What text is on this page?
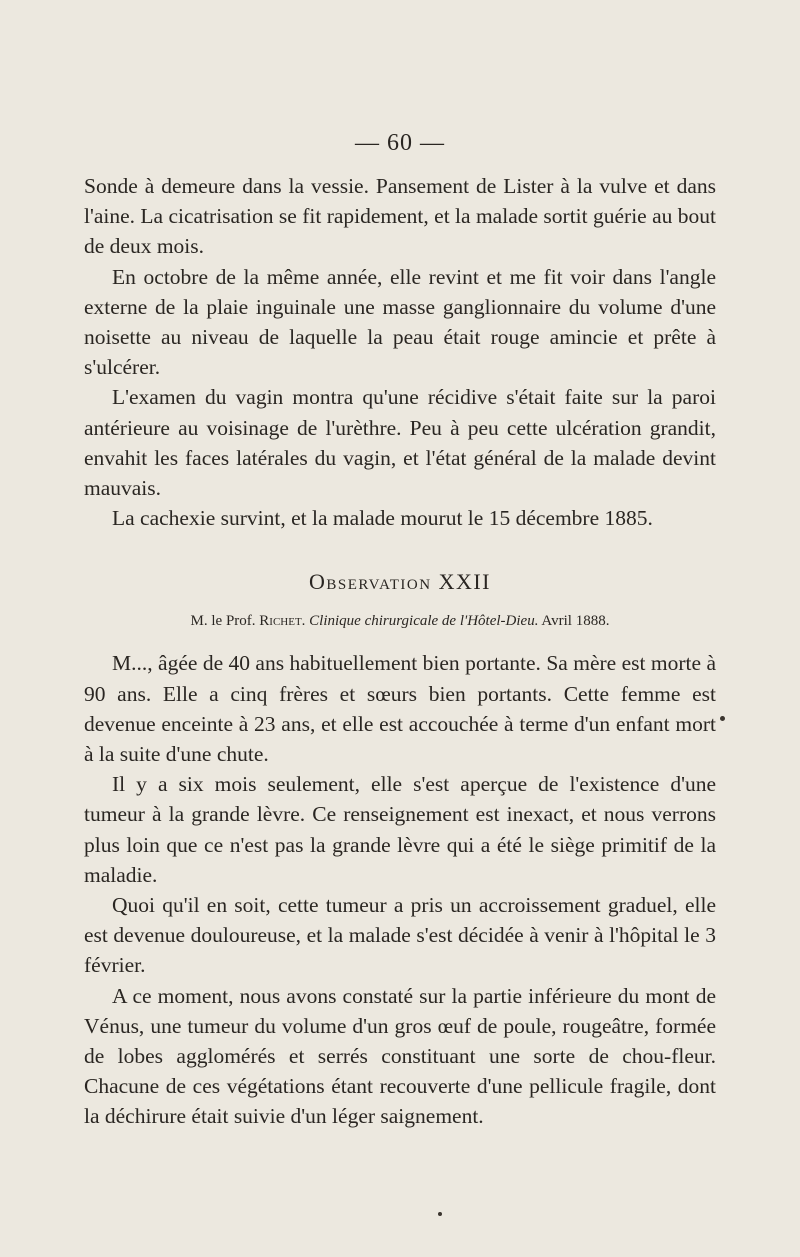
— 60 —

Sonde à demeure dans la vessie. Pansement de Lister à la vulve et dans l'aine. La cicatrisation se fit rapidement, et la malade sortit guérie au bout de deux mois.

En octobre de la même année, elle revint et me fit voir dans l'angle externe de la plaie inguinale une masse ganglionnaire du volume d'une noisette au niveau de laquelle la peau était rouge amincie et prête à s'ulcérer.

L'examen du vagin montra qu'une récidive s'était faite sur la paroi antérieure au voisinage de l'urèthre. Peu à peu cette ulcération grandit, envahit les faces latérales du vagin, et l'état général de la malade devint mauvais.

La cachexie survint, et la malade mourut le 15 décembre 1885.

Observation XXII
M. le Prof. Richet. Clinique chirurgicale de l'Hôtel-Dieu. Avril 1888.

M..., âgée de 40 ans habituellement bien portante. Sa mère est morte à 90 ans. Elle a cinq frères et sœurs bien portants. Cette femme est devenue enceinte à 23 ans, et elle est accouchée à terme d'un enfant mort à la suite d'une chute.

Il y a six mois seulement, elle s'est aperçue de l'existence d'une tumeur à la grande lèvre. Ce renseignement est inexact, et nous verrons plus loin que ce n'est pas la grande lèvre qui a été le siège primitif de la maladie.

Quoi qu'il en soit, cette tumeur a pris un accroissement graduel, elle est devenue douloureuse, et la malade s'est décidée à venir à l'hôpital le 3 février.

A ce moment, nous avons constaté sur la partie inférieure du mont de Vénus, une tumeur du volume d'un gros œuf de poule, rougeâtre, formée de lobes agglomérés et serrés constituant une sorte de chou-fleur. Chacune de ces végétations étant recouverte d'une pellicule fragile, dont la déchirure était suivie d'un léger saignement.
